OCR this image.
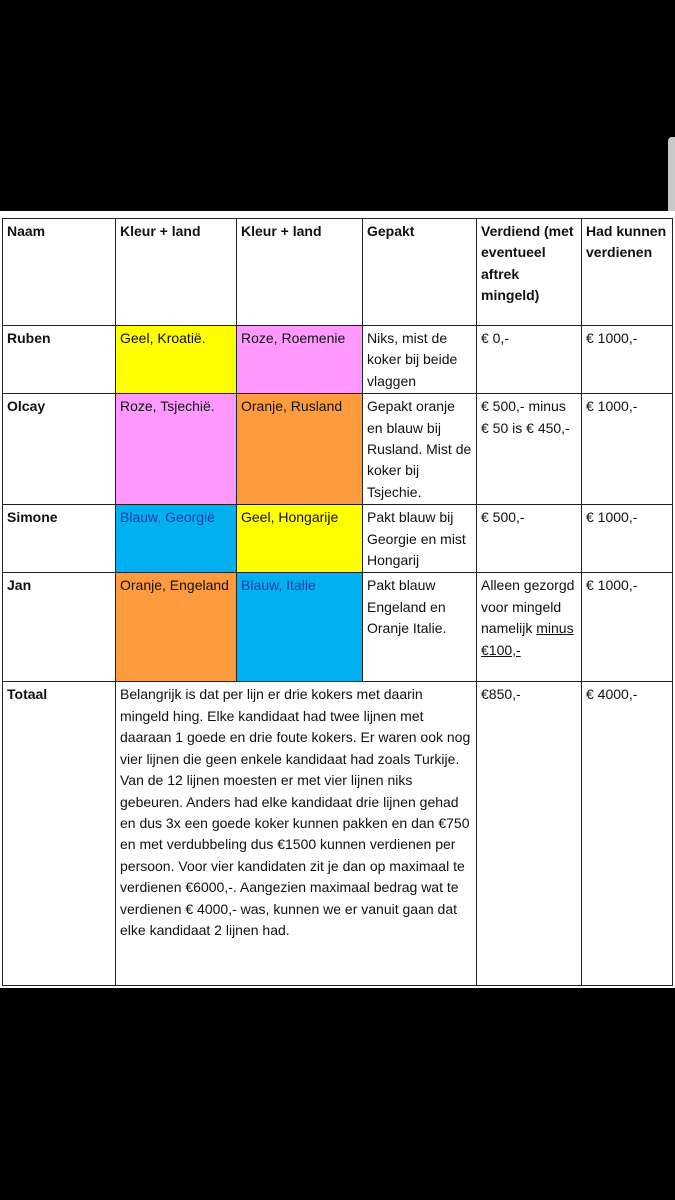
Naam	Kleur + land	Kleur + land	Gepakt	Verdiend (met eventueel aftrek mingeld)	Had kunnen verdienen
Ruben	Geel, Kroatië.	Roze, Roemenie	Niks, mist de koker bij beide vlaggen	€ 0,-	€ 1000,-
Olcay	Roze, Tsjechië.	Oranje, Rusland	Gepakt oranje en blauw bij Rusland. Mist de koker bij Tsjechie.	€ 500,- minus € 50 is € 450,-	€ 1000,-
Simone	Blauw, Georgië	Geel, Hongarije	Pakt blauw bij Georgie en mist Hongarij	€ 500,-	€ 1000,-
Jan	Oranje, Engeland	Blauw, Italie	Pakt blauw Engeland en Oranje Italie.	Alleen gezorgd voor mingeld namelijk minus €100,-	€ 1000,-
Totaal	Belangrijk is dat per lijn er drie kokers met daarin mingeld hing. Elke kandidaat had twee lijnen met daaraan 1 goede en drie foute kokers. Er waren ook nog vier lijnen die geen enkele kandidaat had zoals Turkije.
Van de 12 lijnen moesten er met vier lijnen niks gebeuren. Anders had elke kandidaat drie lijnen gehad en dus 3x een goede koker kunnen pakken en dan €750 en met verdubbeling dus €1500 kunnen verdienen per persoon. Voor vier kandidaten zit je dan op maximaal te verdienen €6000,-. Aangezien maximaal bedrag wat te verdienen € 4000,- was, kunnen we er vanuit gaan dat elke kandidaat 2 lijnen had.			€850,-	€ 4000,-
